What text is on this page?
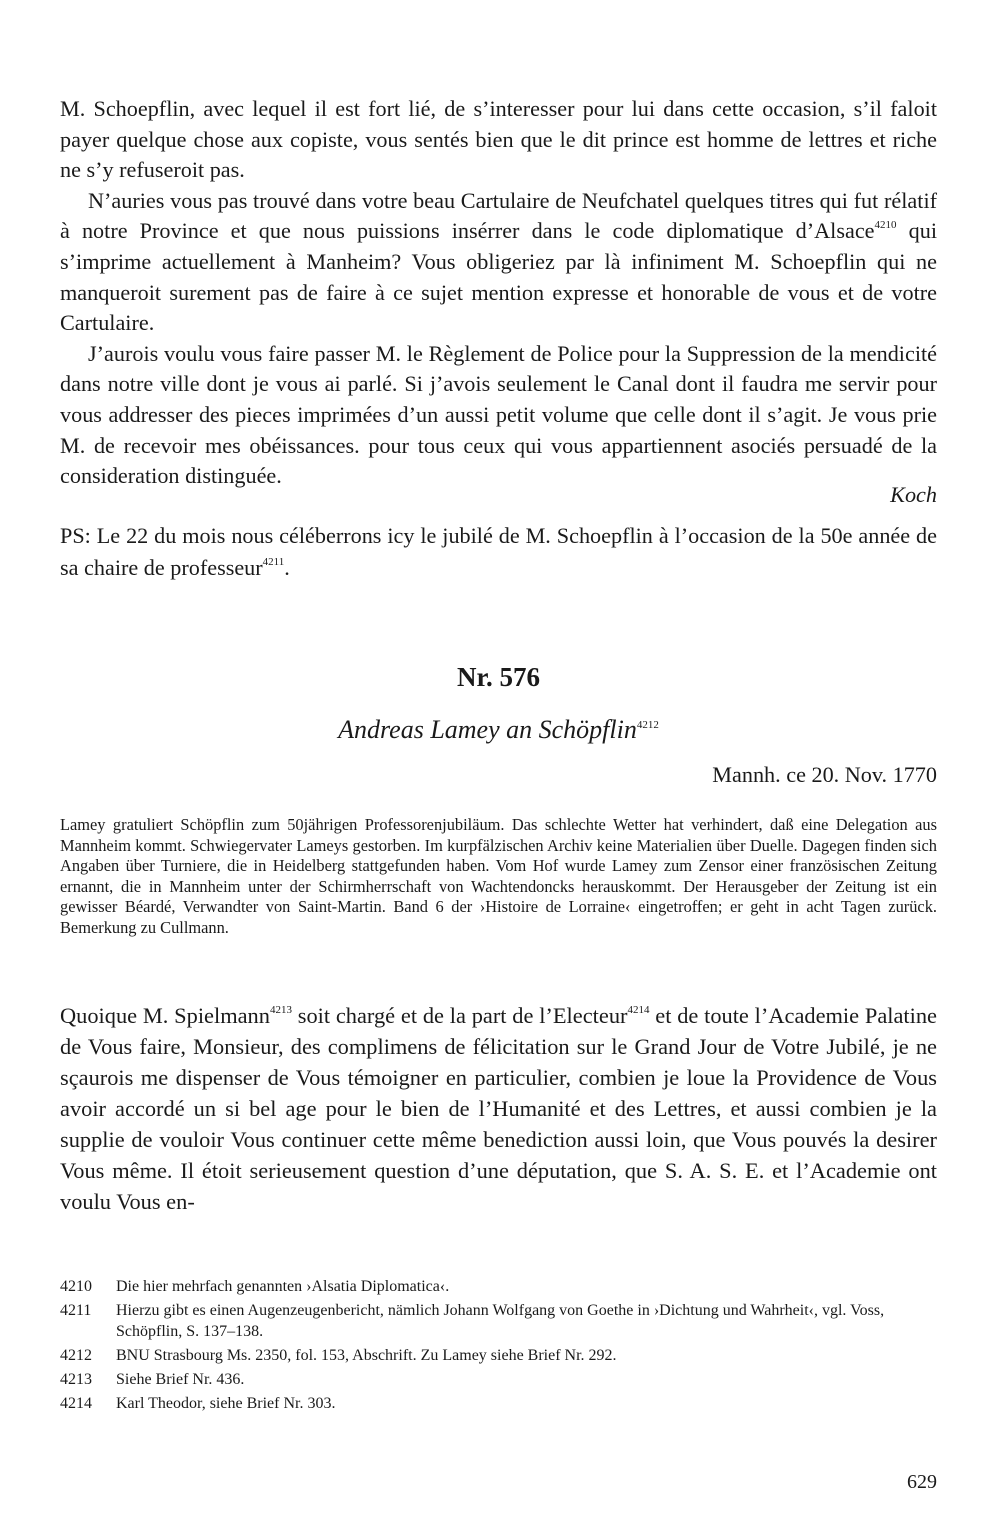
M. Schoepflin, avec lequel il est fort lié, de s’interesser pour lui dans cette occasion, s’il faloit payer quelque chose aux copiste, vous sentés bien que le dit prince est homme de lettres et riche ne s’y refuseroit pas.

N’auries vous pas trouvé dans votre beau Cartulaire de Neufchatel quelques titres qui fut rélatif à notre Province et que nous puissions insérrer dans le code diplomatique d’Alsace$^{4210}$ qui s’imprime actuellement à Manheim? Vous obligeriez par là infiniment M. Schoepflin qui ne manqueroit surement pas de faire à ce sujet mention expresse et honorable de vous et de votre Cartulaire.

J’aurois voulu vous faire passer M. le Règlement de Police pour la Suppression de la mendicité dans notre ville dont je vous ai parlé. Si j’avois seulement le Canal dont il faudra me servir pour vous addresser des pieces imprimées d’un aussi petit volume que celle dont il s’agit. Je vous prie M. de recevoir mes obéissances. pour tous ceux qui vous appartiennent asociés persuadé de la consideration distinguée.

Koch
PS: Le 22 du mois nous céléberrons icy le jubilé de M. Schoepflin à l’occasion de la 50e année de sa chaire de professeur$^{4211}$.
Nr. 576
Andreas Lamey an Schöpflin$^{4212}$
Mannh. ce 20. Nov. 1770
Lamey gratuliert Schöpflin zum 50jährigen Professorenjubiläum. Das schlechte Wetter hat verhindert, daß eine Delegation aus Mannheim kommt. Schwiegervater Lameys gestorben. Im kurpfälzischen Archiv keine Materialien über Duelle. Dagegen finden sich Angaben über Turniere, die in Heidelberg stattgefunden haben. Vom Hof wurde Lamey zum Zensor einer französischen Zeitung ernannt, die in Mannheim unter der Schirmherrschaft von Wachtendoncks herauskommt. Der Herausgeber der Zeitung ist ein gewisser Béardé, Verwandter von Saint-Martin. Band 6 der ›Histoire de Lorraine‹ eingetroffen; er geht in acht Tagen zurück. Bemerkung zu Cullmann.

Quoique M. Spielmann$^{4213}$ soit chargé et de la part de l’Electeur$^{4214}$ et de toute l’Academie Palatine de Vous faire, Monsieur, des complimens de félicitation sur le Grand Jour de Votre Jubilé, je ne sçaurois me dispenser de Vous témoigner en particulier, combien je loue la Providence de Vous avoir accordé un si bel age pour le bien de l’Humanité et des Lettres, et aussi combien je la supplie de vouloir Vous continuer cette même benediction aussi loin, que Vous pouvés la desirer Vous même. Il étoit serieusement question d’une députation, que S. A. S. E. et l’Academie ont voulu Vous en-

4210 Die hier mehrfach genannten ›Alsatia Diplomatica‹.
4211 Hierzu gibt es einen Augenzeugenbericht, nämlich Johann Wolfgang von Goethe in ›Dichtung und Wahrheit‹, vgl. Voss, Schöpflin, S. 137–138.
4212 BNU Strasbourg Ms. 2350, fol. 153, Abschrift. Zu Lamey siehe Brief Nr. 292.
4213 Siehe Brief Nr. 436.
4214 Karl Theodor, siehe Brief Nr. 303.
629
